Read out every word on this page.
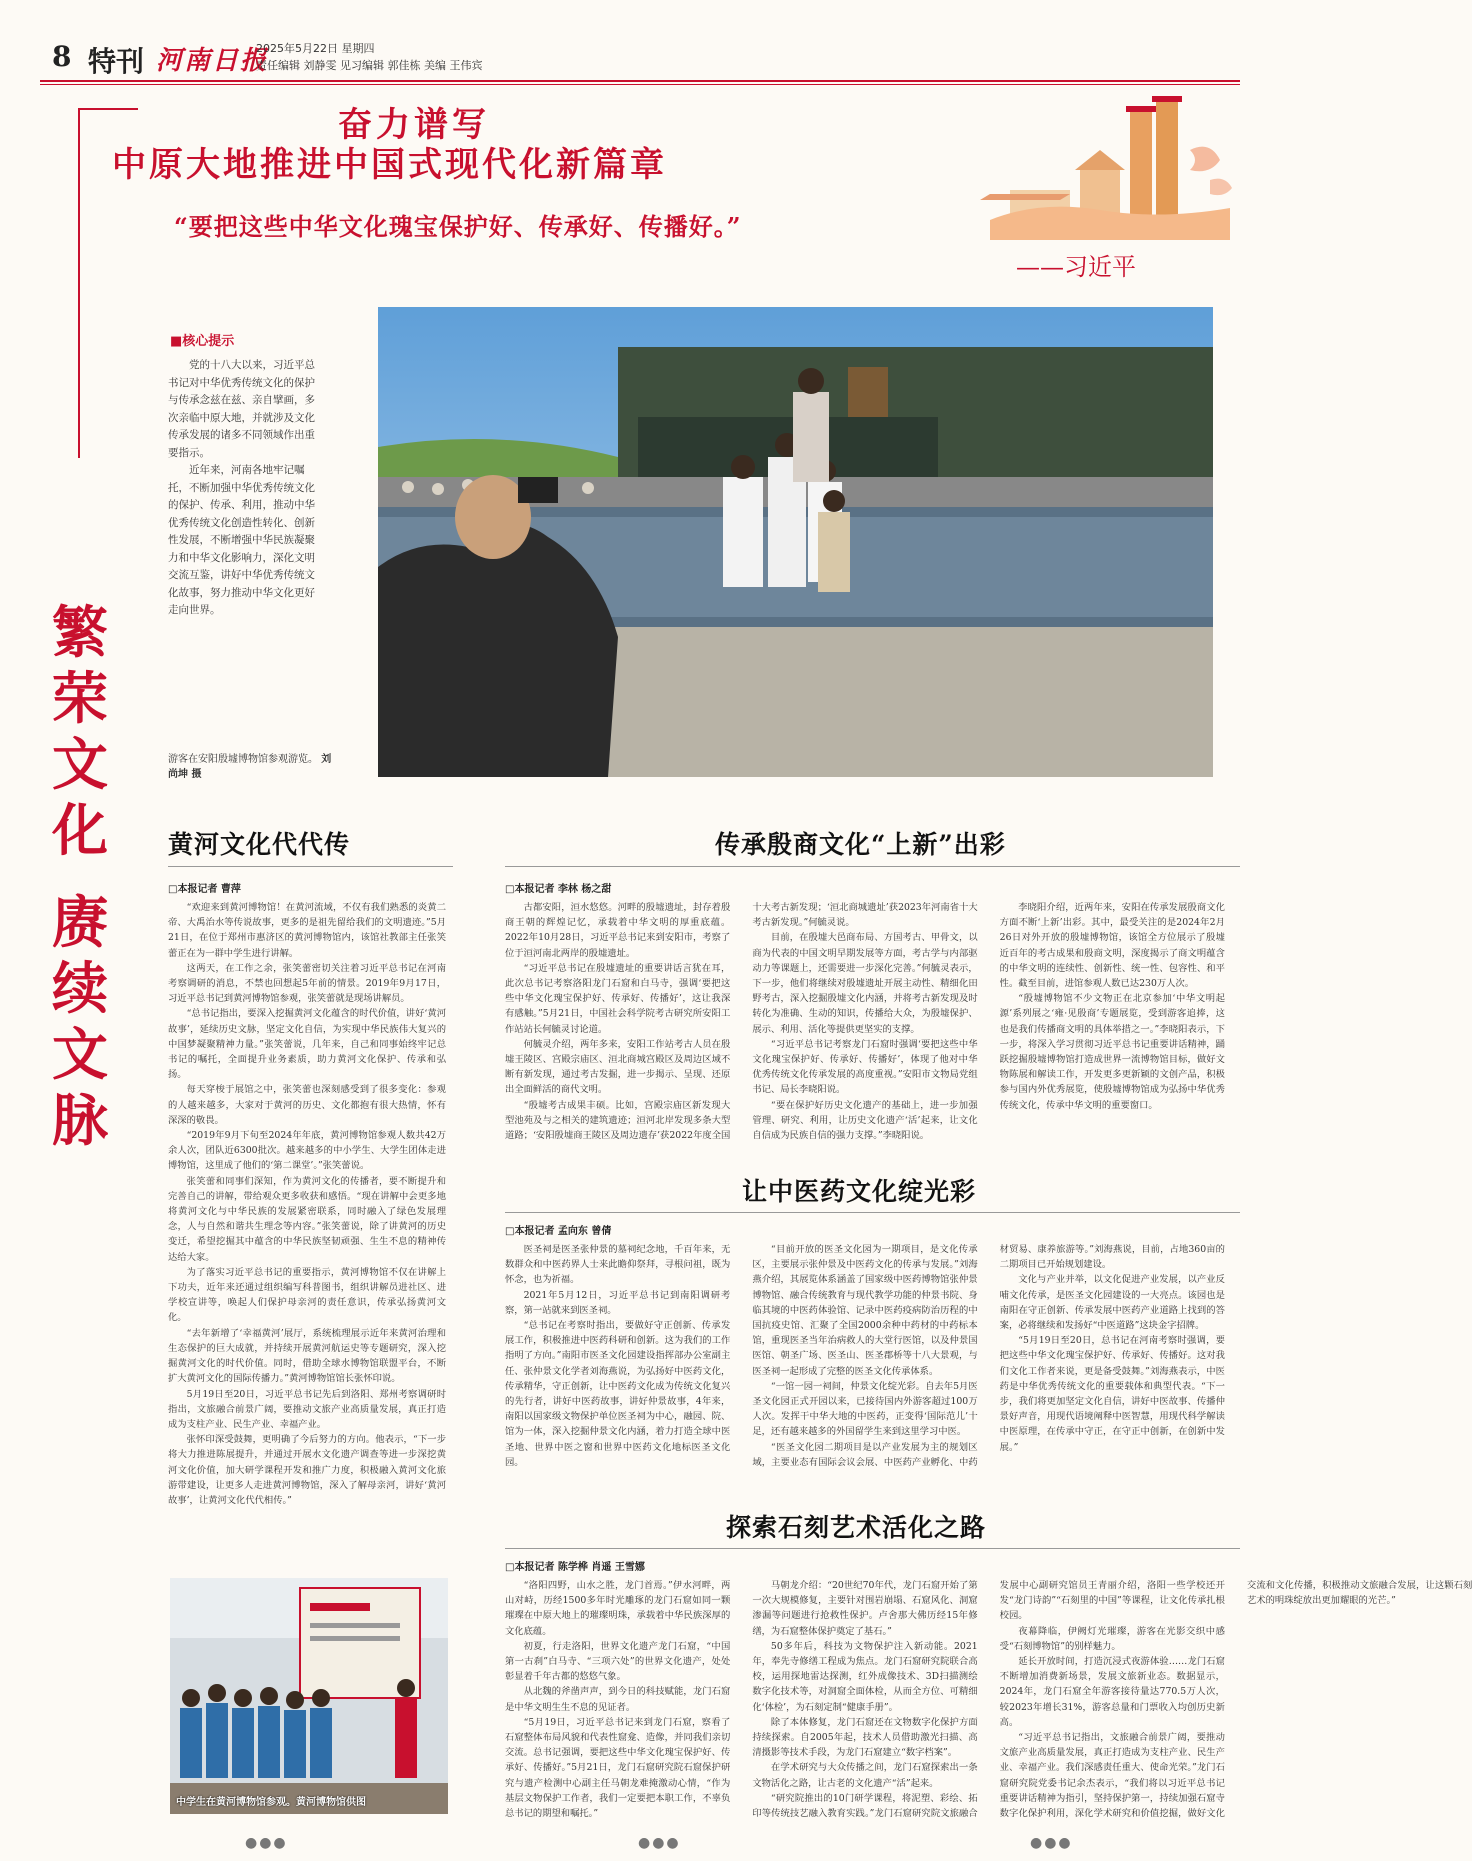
8 特刊 河南日报
2025年5月22日 星期四
责任编辑 刘静雯 见习编辑 郭佳栋 美编 王伟宾
奋力谱写
中原大地推进中国式现代化新篇章
“要把这些中华文化瑰宝保护好、传承好、传播好。”
——习近平
繁
荣
文
化
赓
续
文
脉
■核心提示

党的十八大以来，习近平总书记对中华优秀传统文化的保护与传承念兹在兹、亲自擘画，多次亲临中原大地，并就涉及文化传承发展的诸多不同领域作出重要指示。

近年来，河南各地牢记嘱托，不断加强中华优秀传统文化的保护、传承、利用，推动中华优秀传统文化创造性转化、创新性发展，不断增强中华民族凝聚力和中华文化影响力，深化文明交流互鉴，讲好中华优秀传统文化故事，努力推动中华文化更好走向世界。

游客在安阳殷墟博物馆参观游览。 刘尚坤 摄
黄河文化代代传
□本报记者 曹萍

“欢迎来到黄河博物馆！在黄河流域，不仅有我们熟悉的炎黄二帝、大禹治水等传说故事，更多的是祖先留给我们的文明遗迹。”5月21日，在位于郑州市惠济区的黄河博物馆内，该馆社教部主任张笑蕾正在为一群中学生进行讲解。

这两天，在工作之余，张笑蕾密切关注着习近平总书记在河南考察调研的消息，不禁也回想起5年前的情景。2019年9月17日，习近平总书记到黄河博物馆参观，张笑蕾就是现场讲解员。

“总书记指出，要深入挖掘黄河文化蕴含的时代价值，讲好‘黄河故事’，延续历史文脉，坚定文化自信，为实现中华民族伟大复兴的中国梦凝聚精神力量。”张笑蕾说，几年来，自己和同事始终牢记总书记的嘱托，全面提升业务素质，助力黄河文化保护、传承和弘扬。

每天穿梭于展馆之中，张笑蕾也深刻感受到了很多变化：参观的人越来越多，大家对于黄河的历史、文化都抱有很大热情，怀有深深的敬畏。

“2019年9月下旬至2024年年底，黄河博物馆参观人数共42万余人次，团队近6300批次。越来越多的中小学生、大学生团体走进博物馆，这里成了他们的‘第二课堂’。”张笑蕾说。

张笑蕾和同事们深知，作为黄河文化的传播者，要不断提升和完善自己的讲解，带给观众更多收获和感悟。“现在讲解中会更多地将黄河文化与中华民族的发展紧密联系，同时融入了绿色发展理念，人与自然和谐共生理念等内容。”张笑蕾说，除了讲黄河的历史变迁，希望挖掘其中蕴含的中华民族坚韧顽强、生生不息的精神传达给大家。

为了落实习近平总书记的重要指示，黄河博物馆不仅在讲解上下功夫，近年来还通过组织编写科普图书，组织讲解员进社区、进学校宣讲等，唤起人们保护母亲河的责任意识，传承弘扬黄河文化。

“去年新增了‘幸福黄河’展厅，系统梳理展示近年来黄河治理和生态保护的巨大成就，并持续开展黄河航运史等专题研究，深入挖掘黄河文化的时代价值。同时，借助全球水博物馆联盟平台，不断扩大黄河文化的国际传播力。”黄河博物馆馆长张怀印说。

5月19日至20日，习近平总书记先后到洛阳、郑州考察调研时指出，文旅融合前景广阔，要推动文旅产业高质量发展，真正打造成为支柱产业、民生产业、幸福产业。

张怀印深受鼓舞，更明确了今后努力的方向。他表示，“下一步将大力推进陈展提升，并通过开展水文化遗产调查等进一步深挖黄河文化价值，加大研学课程开发和推广力度，积极融入黄河文化旅游带建设，让更多人走进黄河博物馆，深入了解母亲河，讲好‘黄河故事’，让黄河文化代代相传。”

中学生在黄河博物馆参观。黄河博物馆供图
传承殷商文化“上新”出彩
□本报记者 李林 杨之甜

古都安阳，洹水悠悠。河畔的殷墟遗址，封存着殷商王朝的辉煌记忆，承载着中华文明的厚重底蕴。2022年10月28日，习近平总书记来到安阳市，考察了位于洹河南北两岸的殷墟遗址。

“习近平总书记在殷墟遗址的重要讲话言犹在耳，此次总书记考察洛阳龙门石窟和白马寺，强调‘要把这些中华文化瑰宝保护好、传承好、传播好’，这让我深有感触。”5月21日，中国社会科学院考古研究所安阳工作站站长何毓灵讨论道。

何毓灵介绍，两年多来，安阳工作站考古人员在殷墟王陵区、宫殿宗庙区、洹北商城宫殿区及周边区域不断有新发现，通过考古发掘，进一步揭示、呈现、还原出全面鲜活的商代文明。

“殷墟考古成果丰硕。比如，宫殿宗庙区新发现大型池苑及与之相关的建筑遗迹；洹河北岸发现多条大型道路；‘安阳殷墟商王陵区及周边遗存’获2022年度全国十大考古新发现；‘洹北商城遗址’获2023年河南省十大考古新发现。”何毓灵说。

目前，在殷墟大邑商布局、方国考古、甲骨文，以商为代表的中国文明早期发展等方面，考古学与内部驱动力等课题上，还需要进一步深化完善。”何毓灵表示，下一步，他们将继续对殷墟遗址开展主动性、精细化田野考古，深入挖掘殷墟文化内涵，并将考古新发现及时转化为准确、生动的知识，传播给大众，为殷墟保护、展示、利用、活化等提供更坚实的支撑。

“习近平总书记考察龙门石窟时强调‘要把这些中华文化瑰宝保护好、传承好、传播好’，体现了他对中华优秀传统文化传承发展的高度重视。”安阳市文物局党组书记、局长李晓阳说。

“要在保护好历史文化遗产的基础上，进一步加强管理、研究、利用，让历史文化遗产‘活’起来，让文化自信成为民族自信的强力支撑。”李晓阳说。

李晓阳介绍，近两年来，安阳在传承发展殷商文化方面不断‘上新’出彩。其中，最受关注的是2024年2月26日对外开放的殷墟博物馆，该馆全方位展示了殷墟近百年的考古成果和殷商文明，深度揭示了商文明蕴含的中华文明的连续性、创新性、统一性、包容性、和平性。截至目前，进馆参观人数已达230万人次。

“殷墟博物馆不少文物正在北京参加‘中华文明起源’系列展之‘雍·见殷商’专题展览，受到游客追捧，这也是我们传播商文明的具体举措之一。”李晓阳表示，下一步，将深入学习贯彻习近平总书记重要讲话精神，踊跃挖掘殷墟博物馆打造成世界一流博物馆目标，做好文物陈展和解读工作，开发更多更新颖的文创产品，积极参与国内外优秀展览，使殷墟博物馆成为弘扬中华优秀传统文化，传承中华文明的重要窗口。

让中医药文化绽光彩
□本报记者 孟向东 曾倩

医圣祠是医圣张仲景的墓祠纪念地，千百年来，无数群众和中医药界人士来此瞻仰祭拜，寻根问祖，既为怀念，也为祈福。

2021年5月12日，习近平总书记到南阳调研考察，第一站就来到医圣祠。

“总书记在考察时指出，要做好守正创新、传承发展工作，积极推进中医药科研和创新。这为我们的工作指明了方向。”南阳市医圣文化园建设指挥部办公室副主任、张仲景文化学者刘海燕说，为弘扬好中医药文化，传承精华，守正创新，让中医药文化成为传统文化复兴的先行者，讲好中医药故事，讲好仲景故事，4年来，南阳以国家级文物保护单位医圣祠为中心，融园、院、馆为一体，深入挖掘仲景文化内涵，着力打造全球中医圣地、世界中医之窗和世界中医药文化地标医圣文化园。

“目前开放的医圣文化园为一期项目，是文化传承区，主要展示张仲景及中医药文化的传承与发展。”刘海燕介绍，其展览体系涵盖了国家级中医药博物馆张仲景博物馆、融合传统教育与现代教学功能的仲景书院、身临其境的中医药体验馆、记录中医药疫病防治历程的中国抗疫史馆、汇聚了全国2000余种中药材的中药标本馆，重现医圣当年治病救人的大堂行医馆，以及仲景国医馆、朝圣广场、医圣山、医圣郡桥等十八大景观，与医圣祠一起形成了完整的医圣文化传承体系。

“一馆一园一祠间，仲景文化绽光彩。自去年5月医圣文化园正式开园以来，已接待国内外游客超过100万人次。发挥干中华大地的中医药，正变得‘国际范儿’十足，还有越来越多的外国留学生来到这里学习中医。

“医圣文化园二期项目是以产业发展为主的规划区域，主要业态有国际会议会展、中医药产业孵化、中药材贸易、康养旅游等。”刘海燕说，目前，占地360亩的二期项目已开始规划建设。

文化与产业并举，以文化促进产业发展，以产业反哺文化传承，是医圣文化园建设的一大亮点。该园也是南阳在守正创新、传承发展中医药产业道路上找到的答案，必将继续和发扬好“中医道路”这块金字招牌。

“5月19日至20日，总书记在河南考察时强调，要把这些中华文化瑰宝保护好、传承好、传播好。这对我们文化工作者来说，更是备受鼓舞。”刘海燕表示，中医药是中华优秀传统文化的重要载体和典型代表。“下一步，我们将更加坚定文化自信，讲好中医故事、传播仲景好声音，用现代语境阐释中医智慧，用现代科学解读中医原理，在传承中守正，在守正中创新，在创新中发展。”

探索石刻艺术活化之路
□本报记者 陈学桦 肖遥 王雪娜

“洛阳四野，山水之胜，龙门首焉。”伊水河畔，两山对峙，历经1500多年时光雕琢的龙门石窟如同一颗璀璨在中原大地上的璀璨明珠，承载着中华民族深厚的文化底蕴。

初夏，行走洛阳，世界文化遗产龙门石窟，“中国第一古刹”白马寺、“三项六处”的世界文化遗产，处处彰显着千年古都的悠悠气象。

从北魏的斧凿声声，到今日的科技赋能，龙门石窟是中华文明生生不息的见证者。

“5月19日，习近平总书记来到龙门石窟，察看了石窟整体布局风貌和代表性窟龛、造像，并同我们亲切交流。总书记强调，要把这些中华文化瑰宝保护好、传承好、传播好。”5月21日，龙门石窟研究院石窟保护研究与遗产检测中心副主任马朝龙难掩激动心情，“作为基层文物保护工作者，我们一定要把本职工作，不辜负总书记的期望和嘱托。”

马朝龙介绍：“20世纪70年代，龙门石窟开始了第一次大规模修复，主要针对围岩崩塌、石窟风化、洞窟渗漏等问题进行抢救性保护。卢舍那大佛历经15年修缮，为石窟整体保护奠定了基石。”

50多年后，科技为文物保护注入新动能。2021年，奉先寺修缮工程成为焦点。龙门石窟研究院联合高校，运用探地雷达探测，红外成像技术、3D扫描测绘数字化技术等，对洞窟全面体检，从而全方位、可精细化‘体检’，为石刻定制“健康手册”。

除了本体修复，龙门石窟还在文物数字化保护方面持续探索。自2005年起，技术人员借助激光扫描、高清摄影等技术手段，为龙门石窟建立“数字档案”。

在学术研究与大众传播之间，龙门石窟探索出一条文物活化之路，让古老的文化遗产“活”起来。

“研究院推出的10门研学课程，将泥塑、彩绘、拓印等传统技艺融入教育实践。”龙门石窟研究院文旅融合发展中心副研究馆员王青丽介绍，洛阳一些学校还开发“龙门诗韵”“石刻里的中国”等课程，让文化传承扎根校园。

夜幕降临，伊阙灯光璀璨，游客在光影交织中感受“石刻博物馆”的别样魅力。

延长开放时间，打造沉浸式夜游体验……龙门石窟不断增加消费新场景，发展文旅新业态。数据显示，2024年，龙门石窟全年游客接待量达770.5万人次，较2023年增长31%，游客总量和门票收入均创历史新高。

“习近平总书记指出，文旅融合前景广阔，要推动文旅产业高质量发展，真正打造成为支柱产业、民生产业、幸福产业。我们深感责任重大、使命光荣。”龙门石窟研究院党委书记余杰表示，“我们将以习近平总书记重要讲话精神为指引，坚持保护第一，持续加强石窟寺数字化保护利用，深化学术研究和价值挖掘，做好文化交流和文化传播，积极推动文旅融合发展，让这颗石刻艺术的明珠绽放出更加耀眼的光芒。”

●●●	●●●	●●●
